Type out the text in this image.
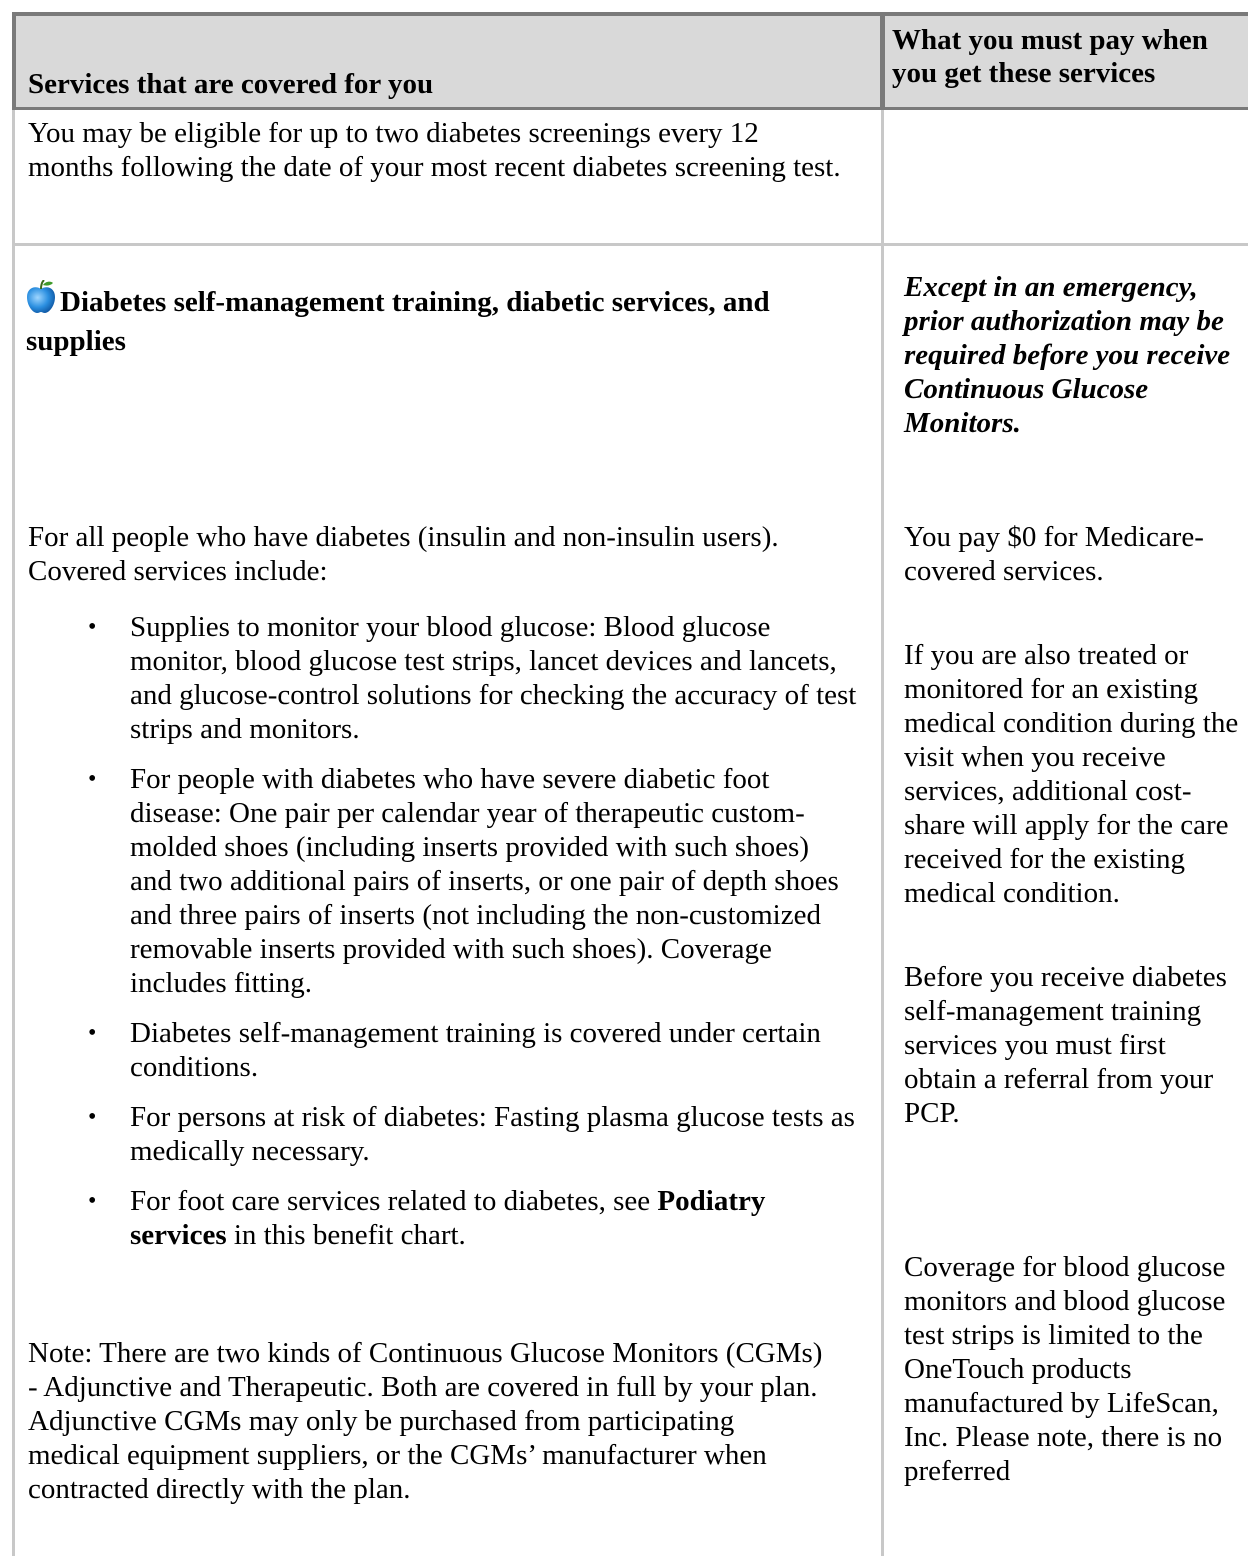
Services that are covered for you
What you must pay when you get these services
You may be eligible for up to two diabetes screenings every 12 months following the date of your most recent diabetes screening test.
Diabetes self-management training, diabetic services, and supplies
For all people who have diabetes (insulin and non-insulin users). Covered services include:
• Supplies to monitor your blood glucose: Blood glucose monitor, blood glucose test strips, lancet devices and lancets, and glucose-control solutions for checking the accuracy of test strips and monitors.
• For people with diabetes who have severe diabetic foot disease: One pair per calendar year of therapeutic custom-molded shoes (including inserts provided with such shoes) and two additional pairs of inserts, or one pair of depth shoes and three pairs of inserts (not including the non-customized removable inserts provided with such shoes). Coverage includes fitting.
• Diabetes self-management training is covered under certain conditions.
• For persons at risk of diabetes: Fasting plasma glucose tests as medically necessary.
• For foot care services related to diabetes, see Podiatry services in this benefit chart.
Note: There are two kinds of Continuous Glucose Monitors (CGMs) - Adjunctive and Therapeutic. Both are covered in full by your plan. Adjunctive CGMs may only be purchased from participating medical equipment suppliers, or the CGMs’ manufacturer when contracted directly with the plan.
Except in an emergency, prior authorization may be required before you receive Continuous Glucose Monitors.
You pay $0 for Medicare-covered services.
If you are also treated or monitored for an existing medical condition during the visit when you receive services, additional cost-share will apply for the care received for the existing medical condition.
Before you receive diabetes self-management training services you must first obtain a referral from your PCP.
Coverage for blood glucose monitors and blood glucose test strips is limited to the OneTouch products manufactured by LifeScan, Inc. Please note, there is no preferred
